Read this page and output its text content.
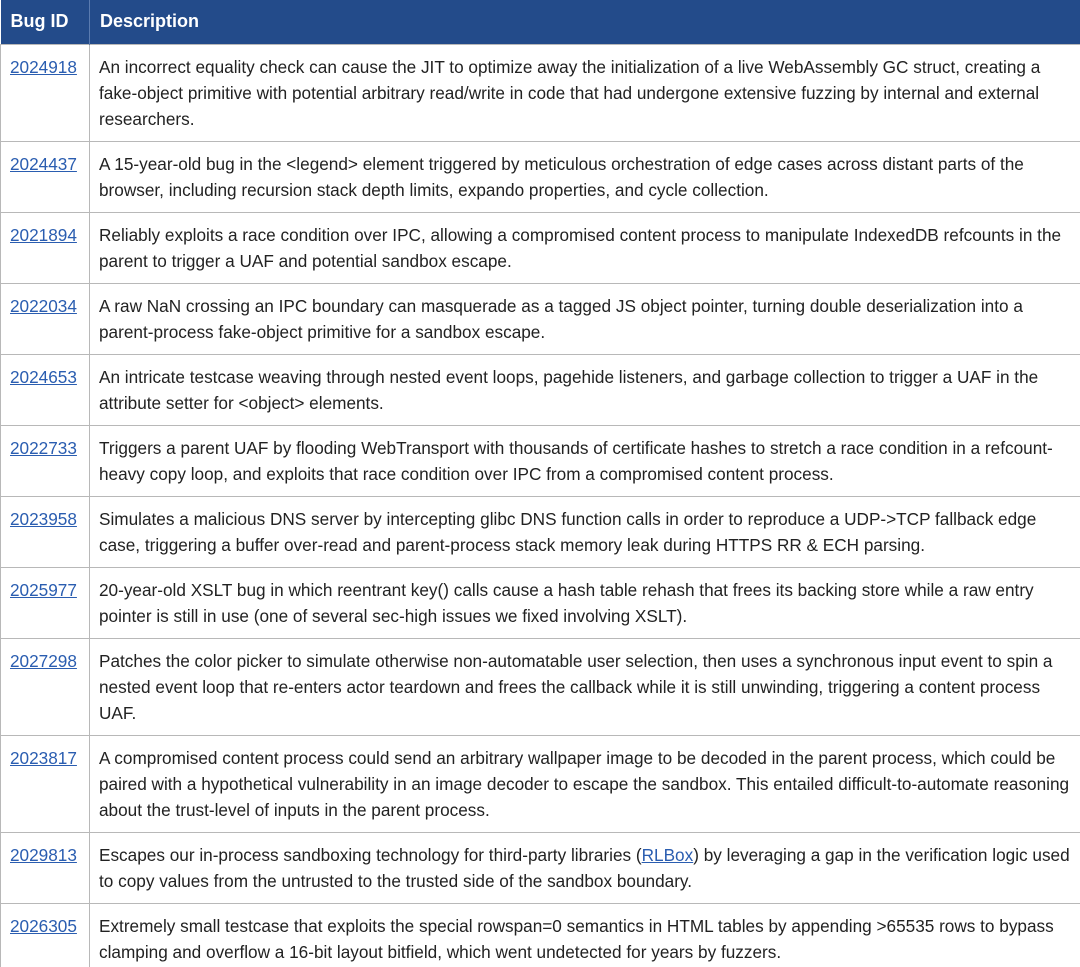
Bug ID	Description
2024918	An incorrect equality check can cause the JIT to optimize away the initialization of a live WebAssembly GC struct, creating a fake-object primitive with potential arbitrary read/write in code that had undergone extensive fuzzing by internal and external researchers.
2024437	A 15-year-old bug in the <legend> element triggered by meticulous orchestration of edge cases across distant parts of the browser, including recursion stack depth limits, expando properties, and cycle collection.
2021894	Reliably exploits a race condition over IPC, allowing a compromised content process to manipulate IndexedDB refcounts in the parent to trigger a UAF and potential sandbox escape.
2022034	A raw NaN crossing an IPC boundary can masquerade as a tagged JS object pointer, turning double deserialization into a parent-process fake-object primitive for a sandbox escape.
2024653	An intricate testcase weaving through nested event loops, pagehide listeners, and garbage collection to trigger a UAF in the attribute setter for <object> elements.
2022733	Triggers a parent UAF by flooding WebTransport with thousands of certificate hashes to stretch a race condition in a refcount-heavy copy loop, and exploits that race condition over IPC from a compromised content process.
2023958	Simulates a malicious DNS server by intercepting glibc DNS function calls in order to reproduce a UDP->TCP fallback edge case, triggering a buffer over-read and parent-process stack memory leak during HTTPS RR & ECH parsing.
2025977	20-year-old XSLT bug in which reentrant key() calls cause a hash table rehash that frees its backing store while a raw entry pointer is still in use (one of several sec-high issues we fixed involving XSLT).
2027298	Patches the color picker to simulate otherwise non-automatable user selection, then uses a synchronous input event to spin a nested event loop that re-enters actor teardown and frees the callback while it is still unwinding, triggering a content process UAF.
2023817	A compromised content process could send an arbitrary wallpaper image to be decoded in the parent process, which could be paired with a hypothetical vulnerability in an image decoder to escape the sandbox. This entailed difficult-to-automate reasoning about the trust-level of inputs in the parent process.
2029813	Escapes our in-process sandboxing technology for third-party libraries (RLBox) by leveraging a gap in the verification logic used to copy values from the untrusted to the trusted side of the sandbox boundary.
2026305	Extremely small testcase that exploits the special rowspan=0 semantics in HTML tables by appending >65535 rows to bypass clamping and overflow a 16-bit layout bitfield, which went undetected for years by fuzzers.
